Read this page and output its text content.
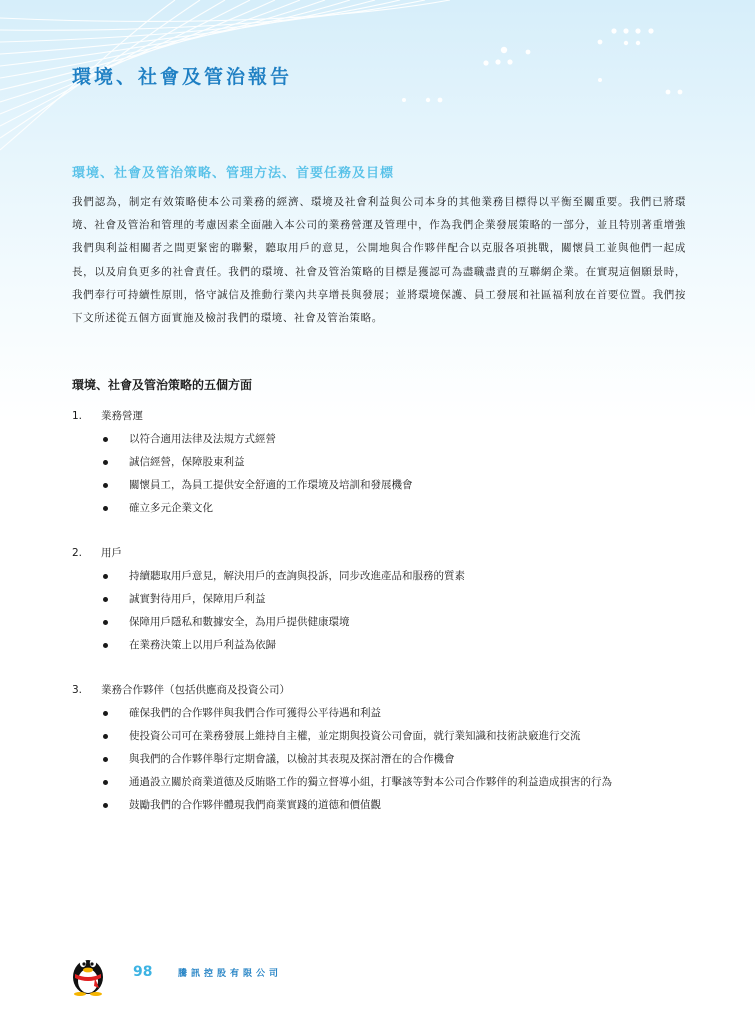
環境、社會及管治報告
環境、社會及管治策略、管理方法、首要任務及目標
我們認為，制定有效策略使本公司業務的經濟、環境及社會利益與公司本身的其他業務目標得以平衡至關重要。我們已將環境、社會及管治和管理的考慮因素全面融入本公司的業務營運及管理中，作為我們企業發展策略的一部分，並且特別著重增強我們與利益相關者之間更緊密的聯繫，聽取用戶的意見，公開地與合作夥伴配合以克服各項挑戰，關懷員工並與他們一起成長，以及肩負更多的社會責任。我們的環境、社會及管治策略的目標是獲認可為盡職盡責的互聯網企業。在實現這個願景時，我們奉行可持續性原則，恪守誠信及推動行業內共享增長與發展；並將環境保護、員工發展和社區福利放在首要位置。我們按下文所述從五個方面實施及檢討我們的環境、社會及管治策略。
環境、社會及管治策略的五個方面
1. 業務營運
以符合適用法律及法規方式經營
誠信經營，保障股東利益
關懷員工，為員工提供安全舒適的工作環境及培訓和發展機會
確立多元企業文化
2. 用戶
持續聽取用戶意見，解決用戶的查詢與投訴，同步改進產品和服務的質素
誠實對待用戶，保障用戶利益
保障用戶隱私和數據安全，為用戶提供健康環境
在業務決策上以用戶利益為依歸
3. 業務合作夥伴（包括供應商及投資公司）
確保我們的合作夥伴與我們合作可獲得公平待遇和利益
使投資公司可在業務發展上維持自主權，並定期與投資公司會面，就行業知識和技術訣竅進行交流
與我們的合作夥伴舉行定期會議，以檢討其表現及探討潛在的合作機會
通過設立關於商業道德及反賄賂工作的獨立督導小組，打擊該等對本公司合作夥伴的利益造成損害的行為
鼓勵我們的合作夥伴體現我們商業實踐的道德和價值觀
98	騰訊控股有限公司
